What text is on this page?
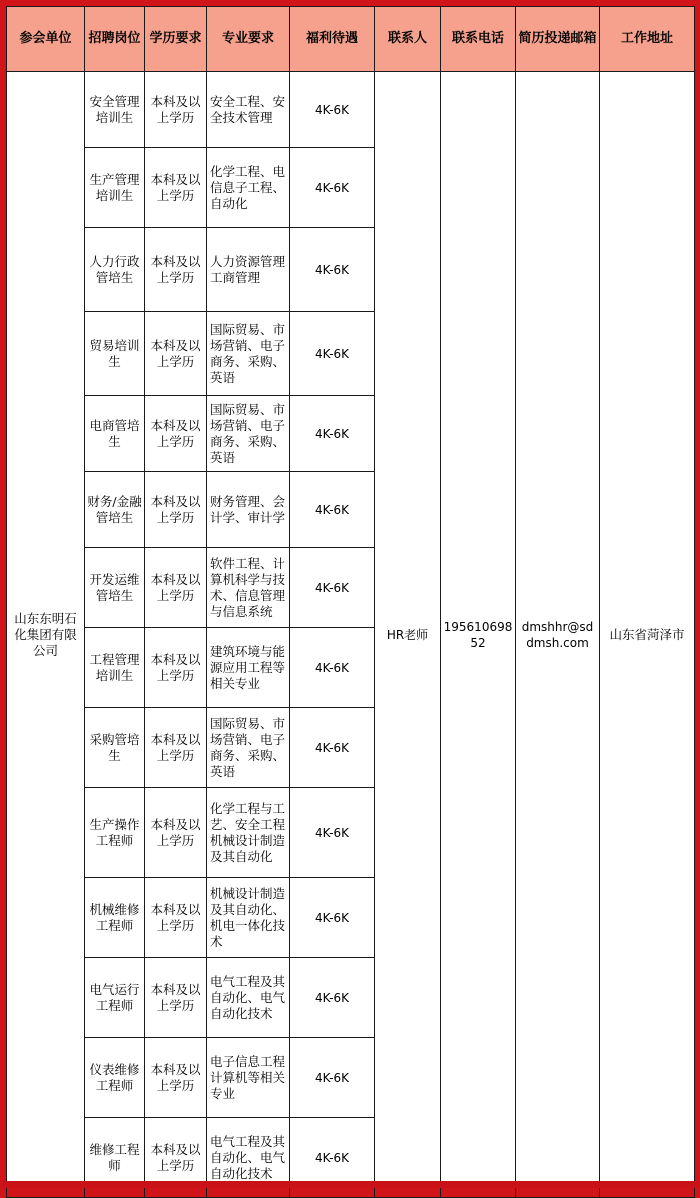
参会单位	招聘岗位	学历要求	专业要求	福利待遇	联系人	联系电话	简历投递邮箱	工作地址
山东东明石化集团有限公司	安全管理培训生	本科及以上学历	安全工程、安全技术管理	4K-6K	HR老师	19561069852	dmshhr@sddmsh.com	山东省菏泽市
	生产管理培训生	本科及以上学历	化学工程、电信息子工程、自动化	4K-6K				
	人力行政管培生	本科及以上学历	人力资源管理工商管理	4K-6K				
	贸易培训生	本科及以上学历	国际贸易、市场营销、电子商务、采购、英语	4K-6K				
	电商管培生	本科及以上学历	国际贸易、市场营销、电子商务、采购、英语	4K-6K				
	财务/金融管培生	本科及以上学历	财务管理、会计学、审计学	4K-6K				
	开发运维管培生	本科及以上学历	软件工程、计算机科学与技术、信息管理与信息系统	4K-6K				
	工程管理培训生	本科及以上学历	建筑环境与能源应用工程等相关专业	4K-6K				
	采购管培生	本科及以上学历	国际贸易、市场营销、电子商务、采购、英语	4K-6K				
	生产操作工程师	本科及以上学历	化学工程与工艺、安全工程机械设计制造及其自动化	4K-6K				
	机械维修工程师	本科及以上学历	机械设计制造及其自动化、机电一体化技术	4K-6K				
	电气运行工程师	本科及以上学历	电气工程及其自动化、电气自动化技术	4K-6K				
	仪表维修工程师	本科及以上学历	电子信息工程计算机等相关专业	4K-6K				
	维修工程师	本科及以上学历	电气工程及其自动化、电气自动化技术	4K-6K				
